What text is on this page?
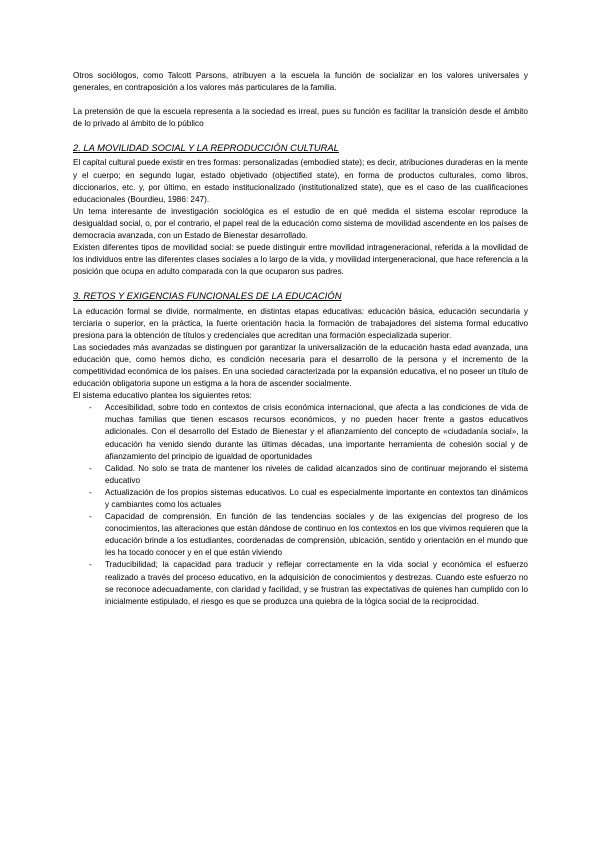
Otros sociólogos, como Talcott Parsons, atribuyen a la escuela la función de socializar en los valores universales y generales, en contraposición a los valores más particulares de la familia.

La pretensión de que la escuela representa a la sociedad es irreal, pues su función es facilitar la transición desde el ámbito de lo privado al ámbito de lo público

2. LA MOVILIDAD SOCIAL Y LA REPRODUCCIÓN CULTURAL

El capital cultural puede existir en tres formas: personalizadas (embodied state); es decir, atribuciones duraderas en la mente y el cuerpo; en segundo lugar, estado objetivado (objectified state), en forma de productos culturales, como libros, diccionarios, etc. y, por último, en estado institucionalizado (institutionalized state), que es el caso de las cualificaciones educacionales (Bourdieu, 1986: 247).

Un tema interesante de investigación sociológica es el estudio de en qué medida el sistema escolar reproduce la desigualdad social, o, por el contrario, el papel real de la educación como sistema de movilidad ascendente en los países de democracia avanzada, con un Estado de Bienestar desarrollado.

Existen diferentes tipos de movilidad social: se puede distinguir entre movilidad intrageneracional, referida a la movilidad de los individuos entre las diferentes clases sociales a lo largo de la vida, y movilidad intergeneracional, que hace referencia a la posición que ocupa en adulto comparada con la que ocuparon sus padres.

3. RETOS Y EXIGENCIAS FUNCIONALES DE LA EDUCACIÓN

La educación formal se divide, normalmente, en distintas etapas educativas: educación básica, educación secundaria y terciaria o superior, en la práctica, la fuerte orientación hacia la formación de trabajadores del sistema formal educativo presiona para la obtención de títulos y credenciales que acreditan una formación especializada superior.

Las sociedades más avanzadas se distinguen por garantizar la universalización de la educación hasta edad avanzada, una educación que, como hemos dicho, es condición necesaria para el desarrollo de la persona y el incremento de la competitividad económica de los países. En una sociedad caracterizada por la expansión educativa, el no poseer un título de educación obligatoria supone un estigma a la hora de ascender socialmente.

El sistema educativo plantea los siguientes retos:

- Accesibilidad, sobre todo en contextos de crisis económica internacional, que afecta a las condiciones de vida de muchas familias que tienen escasos recursos económicos, y no pueden hacer frente a gastos educativos adicionales. Con el desarrollo del Estado de Bienestar y el afianzamiento del concepto de «ciudadanía social», la educación ha venido siendo durante las últimas décadas, una importante herramienta de cohesión social y de afianzamiento del principio de igualdad de oportunidades
- Calidad. No solo se trata de mantener los niveles de calidad alcanzados sino de continuar mejorando el sistema educativo
- Actualización de los propios sistemas educativos. Lo cual es especialmente importante en contextos tan dinámicos y cambiantes como los actuales
- Capacidad de comprensión. En función de las tendencias sociales y de las exigencias del progreso de los conocimientos, las alteraciones que están dándose de continuo en los contextos en los que vivimos requieren que la educación brinde a los estudiantes, coordenadas de comprensión, ubicación, sentido y orientación en el mundo que les ha tocado conocer y en el que están viviendo
- Traducibilidad; la capacidad para traducir y reflejar correctamente en la vida social y económica el esfuerzo realizado a través del proceso educativo, en la adquisición de conocimientos y destrezas. Cuando este esfuerzo no se reconoce adecuadamente, con claridad y facilidad, y se frustran las expectativas de quienes han cumplido con lo inicialmente estipulado, el riesgo es que se produzca una quiebra de la lógica social de la reciprocidad.
